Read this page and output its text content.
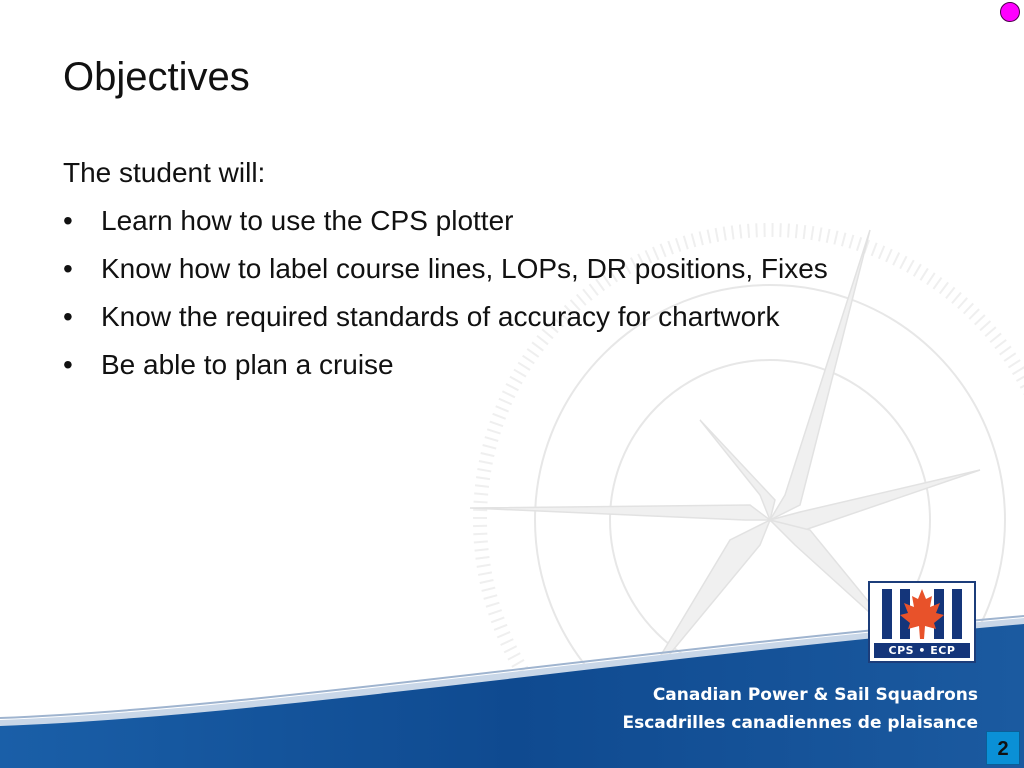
Objectives

The student will:

• Learn how to use the CPS plotter
• Know how to label course lines, LOPs, DR positions, Fixes
• Know the required standards of accuracy for chartwork
• Be able to plan a cruise
CPS • ECP
Canadian Power & Sail Squadrons
Escadrilles canadiennes de plaisance
2
